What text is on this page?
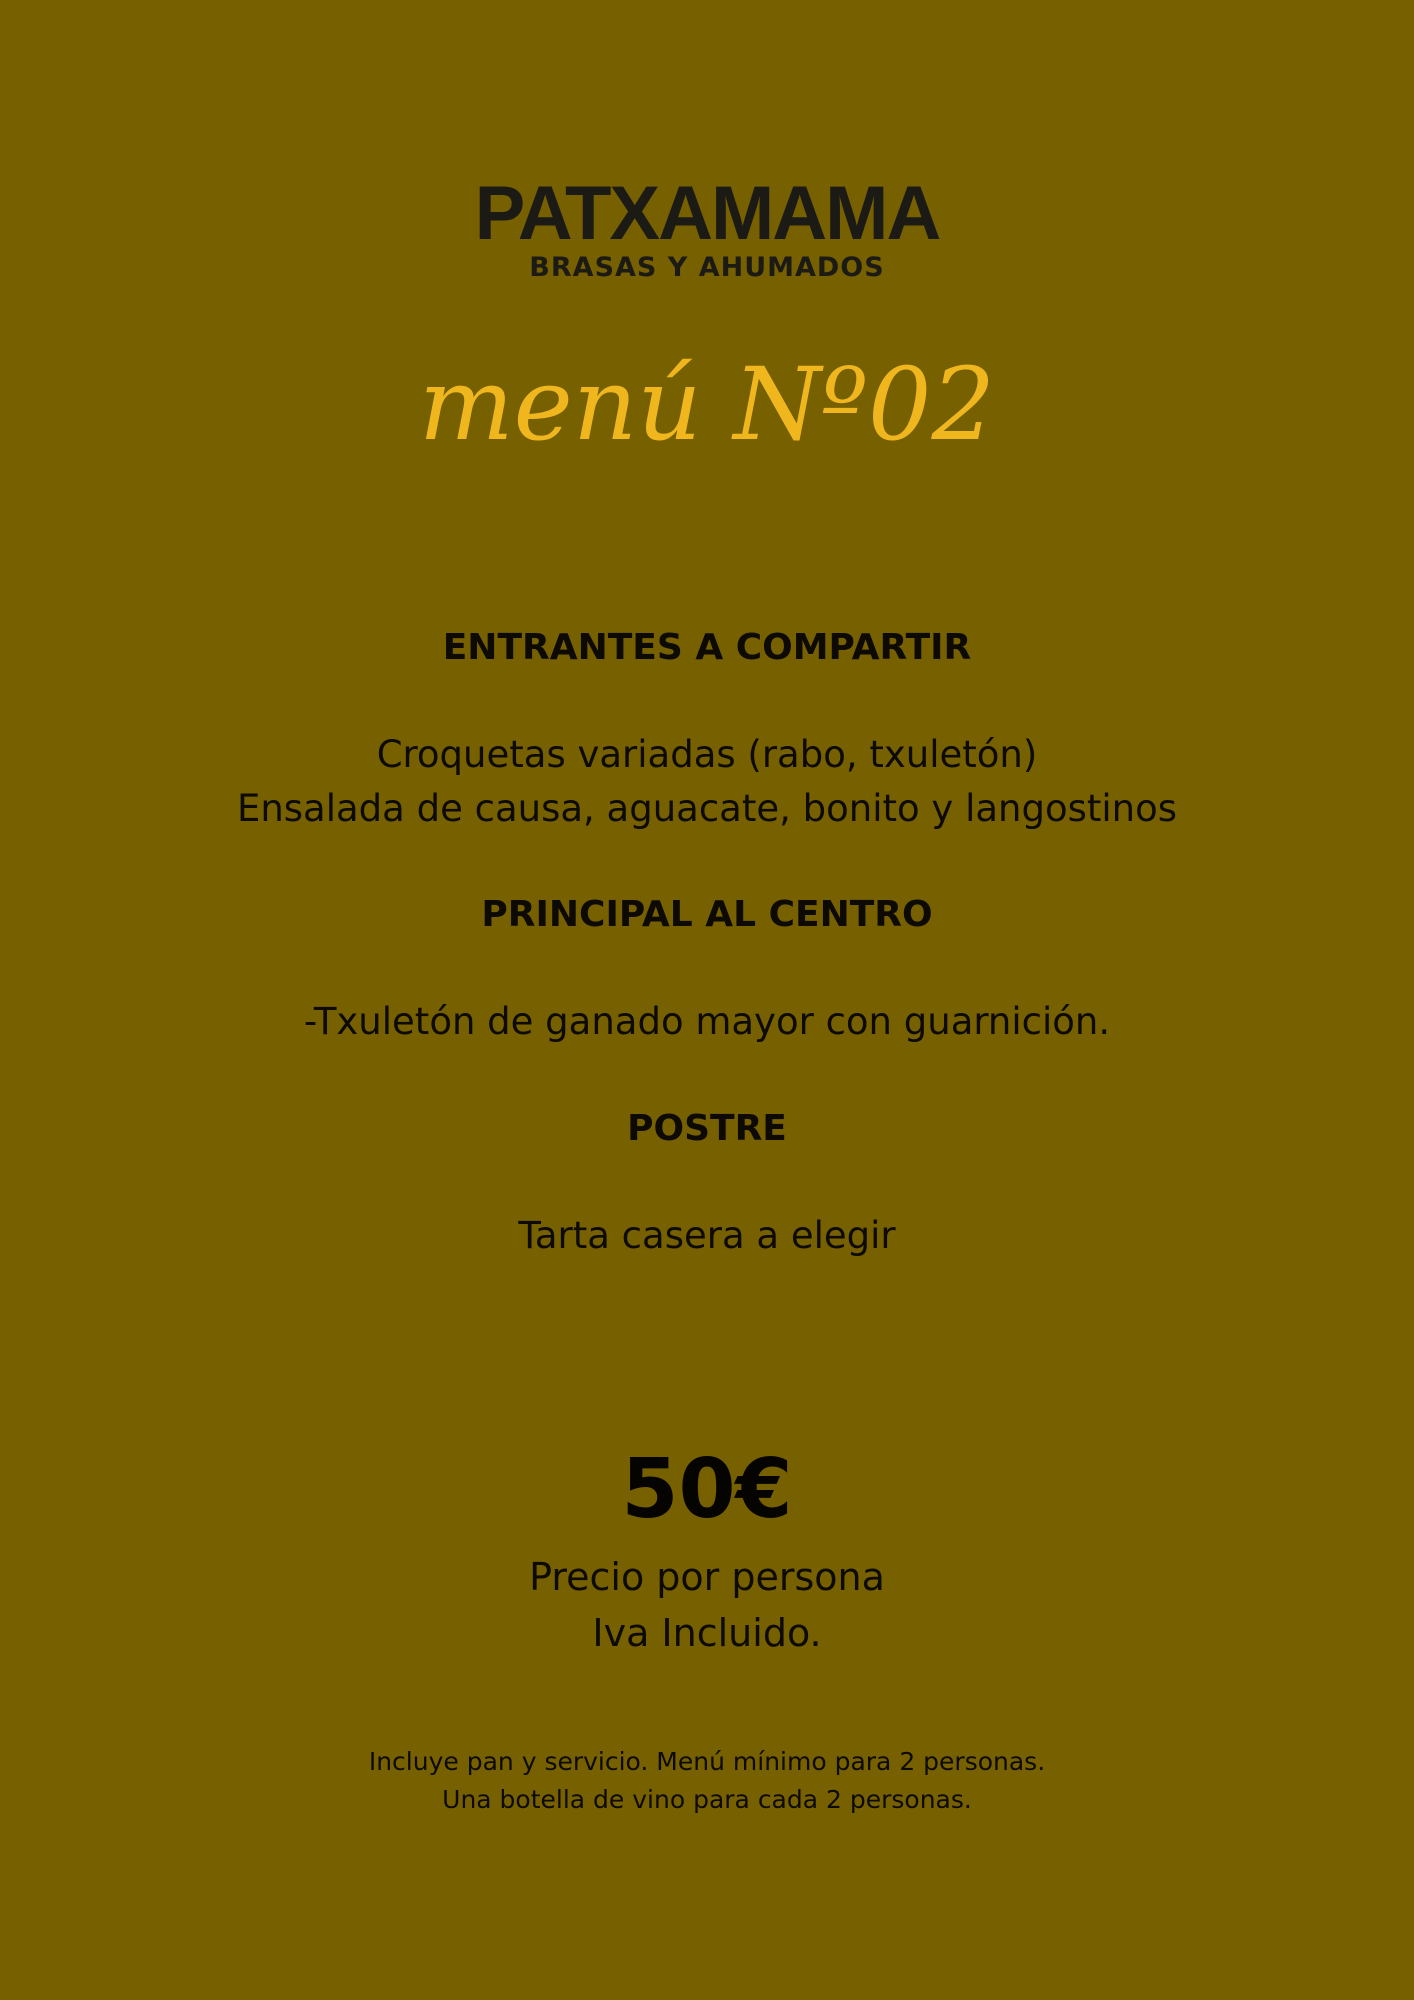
PATXAMAMA
BRASAS Y AHUMADOS
menú Nº02
ENTRANTES A COMPARTIR
Croquetas variadas (rabo, txuletón)
Ensalada de causa, aguacate, bonito y langostinos
PRINCIPAL AL CENTRO
-Txuletón de ganado mayor con guarnición.
POSTRE
Tarta casera a elegir
50€
Precio por persona
Iva Incluido.
Incluye pan y servicio. Menú mínimo para 2 personas.
Una botella de vino para cada 2 personas.
